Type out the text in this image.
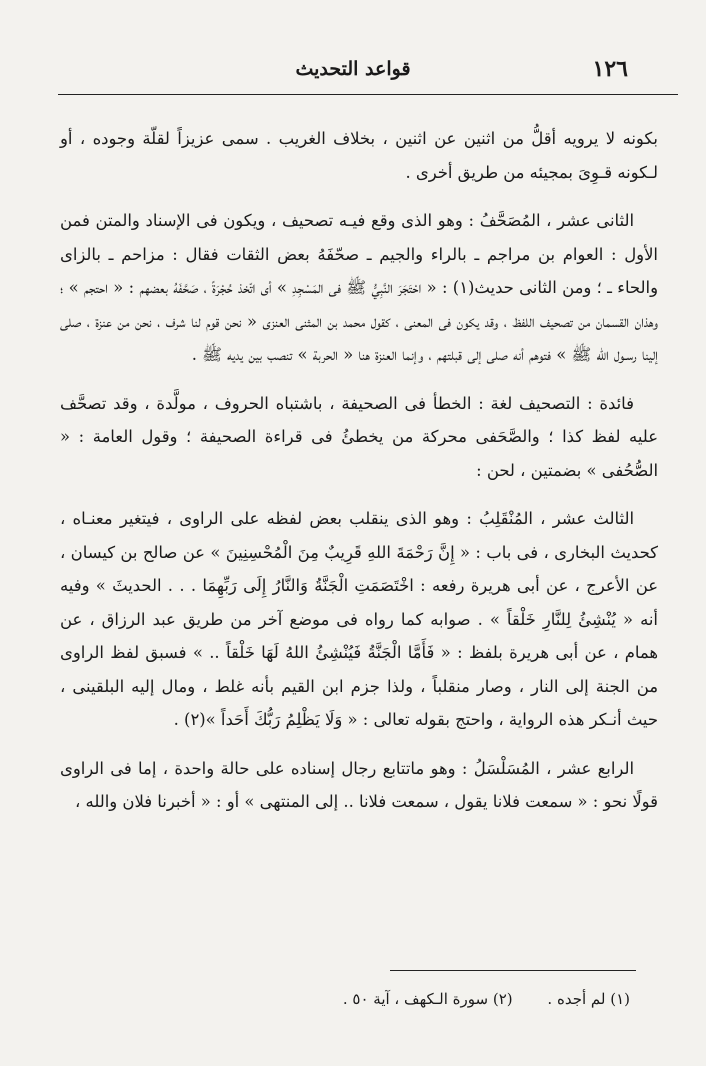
١٢٦
قواعد التحديث

بكونه لا يرويه أقلُّ من اثنين عن اثنين ، بخلاف الغريب . سمى عزيزاً لقلّة وجوده ، أو لـكونه قـوِىَ بمجيئه من طريق أخرى .

الثانى عشر ، المُصَحَّفُ : وهو الذى وقع فيـه تصحيف ، ويكون فى الإسناد والمتن فمن الأول : العوام بن مراجم ـ بالراء والجيم ـ صحّفَهُ بعض الثقات فقال : مزاحم ـ بالزاى والحاء ـ ؛ ومن الثانى حديث(١) : « احْتَجَرَ النَّبِيُّ ﷺ فى المَسْجِدِ » أى اتّخذ حُجْرَةً ، صَحَّفَهُ بعضهم : « احتجم » ؛ وهذان القسمان من تصحيف اللفظ ، وقد يكون فى المعنى ، كقول محمد بن المثنى العنزى « نحن قوم لنا شرف ، نحن من عنزة ، صلى إلينا رسـول الله ﷺ » فتوهم أنه صلى إلى قبلتهم ، وإنما العنزة هنا « الحربة » تنصب بين يديه ﷺ .

فائدة : التصحيف لغة : الخطأ فى الصحيفة ، باشتباه الحروف ، مولَّدة ، وقد تصحَّف عليه لفظ كذا ؛ والصَّحَفى محركة من يخطئُ فى قراءة الصحيفة ؛ وقول العامة : « الصُّحُفى » بضمتين ، لحن :

الثالث عشر ، المُنْقَلِبُ : وهو الذى ينقلب بعض لفظه على الراوى ، فيتغير معنـاه ، كحديث البخارى ، فى باب : « إِنَّ رَحْمَةَ اللهِ قَرِيبٌ مِنَ الْمُحْسِنِينَ » عن صالح بن كيسان ، عن الأعرج ، عن أبى هريرة رفعه : اخْتَصَمَتِ الْجَنَّةُ وَالنَّارُ إِلَى رَبِّهِمَا . . . الحديثَ » وفيه أنه « يُنْشِئُ لِلنَّارِ خَلْقاً » . صوابه كما رواه فى موضع آخر من طريق عبد الرزاق ، عن همام ، عن أبى هريرة بلفظ : « فَأَمَّا الْجَنَّةُ فَيُنْشِئُ اللهُ لَهَا خَلْقاً .. » فسبق لفظ الراوى من الجنة إلى النار ، وصار منقلباً ، ولذا جزم ابن القيم بأنه غلط ، ومال إليه البلقينى ، حيث أنـكر هذه الرواية ، واحتج بقوله تعالى : « وَلَا يَظْلِمُ رَبُّكَ أَحَداً »(٢) .

الرابع عشر ، المُسَلْسَلُ : وهو ماتتابع رجال إسناده على حالة واحدة ، إما فى الراوى قولًا نحو : « سمعت فلانا يقول ، سمعت فلانا .. إلى المنتهى » أو : « أخبرنا فلان والله ،

(١) لم أجده . (٢) سورة الـكهف ، آية ٥٠ .
